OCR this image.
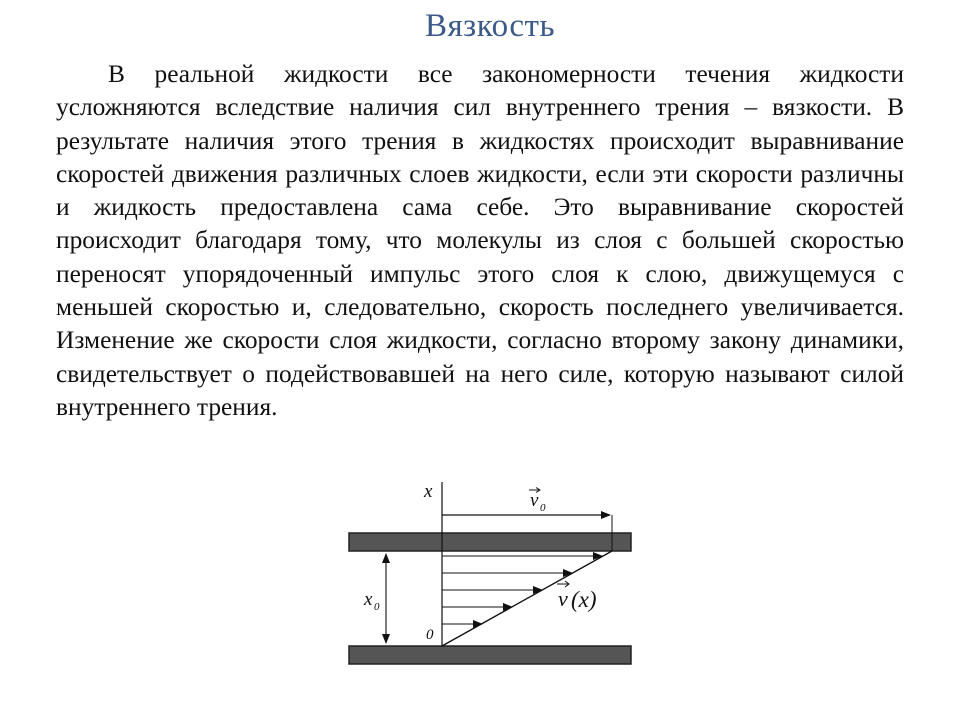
Вязкость

В реальной жидкости все закономерности течения жидкости усложняются вследствие наличия сил внутреннего трения – вязкости. В результате наличия этого трения в жидкостях происходит выравнивание скоростей движения различных слоев жидкости, если эти скорости различны и жидкость предоставлена сама себе. Это выравнивание скоростей происходит благодаря тому, что молекулы из слоя с большей скоростью переносят упорядоченный импульс этого слоя к слою, движущемуся с меньшей скоростью и, следовательно, скорость последнего увеличивается. Изменение же скорости слоя жидкости, согласно второму закону динамики, свидетельствует о подействовавшей на него силе, которую называют силой внутреннего трения.

x	v 0
x 0
0
v (x)
